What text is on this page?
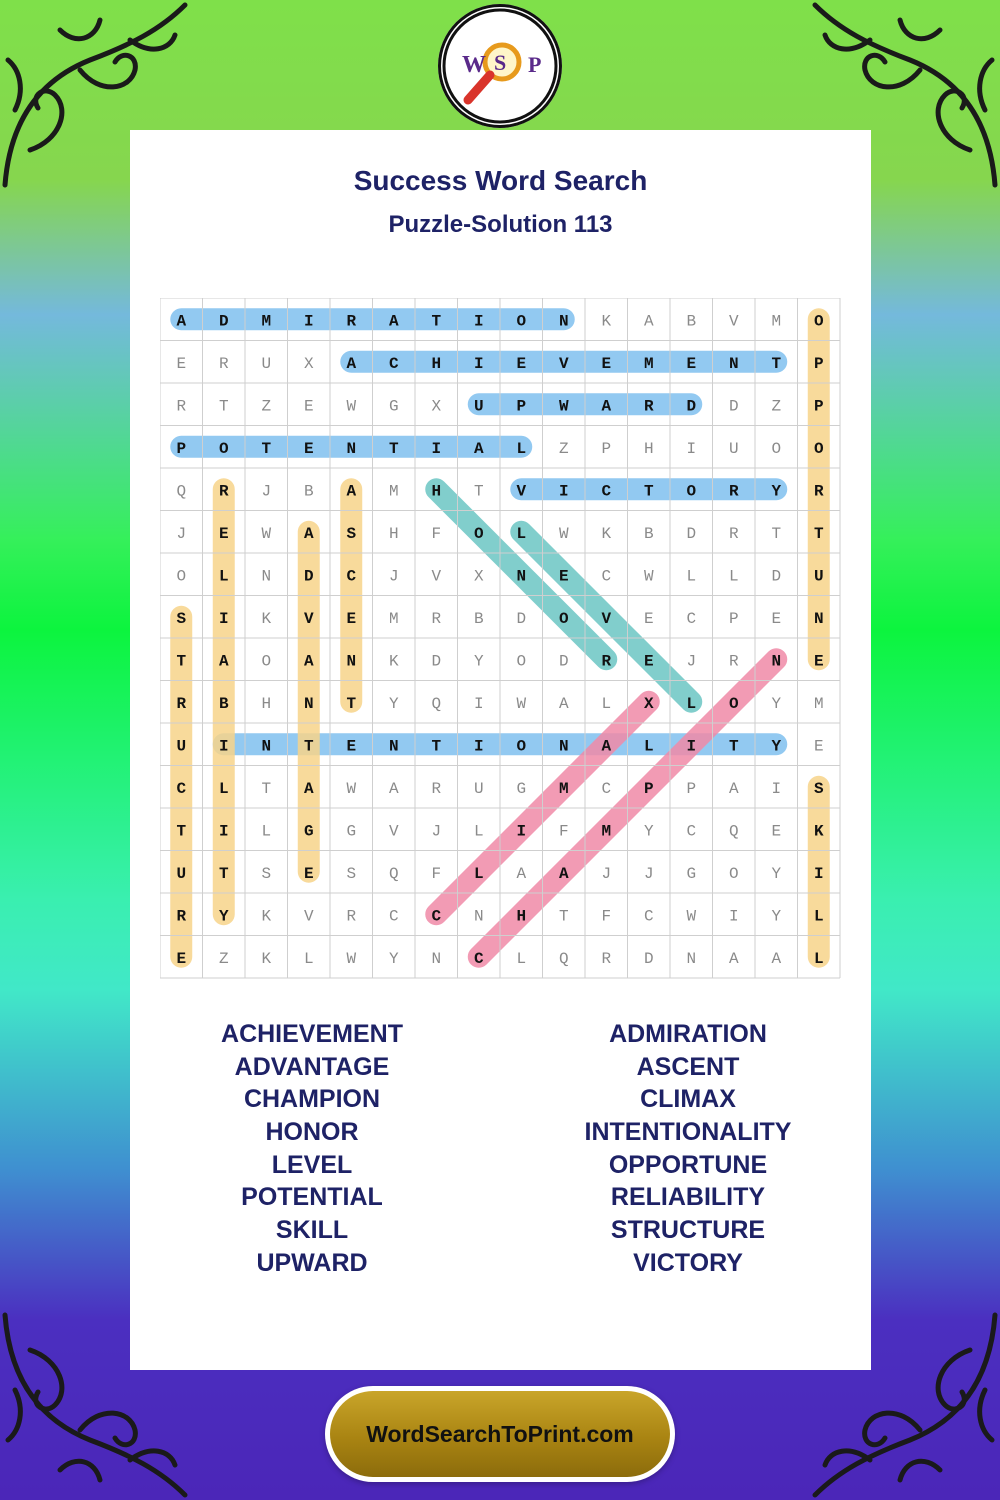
Success Word Search
Puzzle-Solution 113
A D M I R A T I O N K A B V M O
E R U X A C H I E V E M E N T P
R T Z E W G X U P W A R D D Z P
P O T E N T I A L Z P H I U O O
Q R J B A M H T V I C T O R Y R
J E W A S H F O L W K B D R T T
O L N D C J V X N E C W L L D U
S I K V E M R B D O V E C P E N
T A O A N K D Y O D R E J R N E
R B H N T Y Q I W A L X L O Y M
U I N T E N T I O N A L I T Y E
C L T A W A R U G M C P P A I S
T I L G G V J L I F M Y C Q E K
U T S E S Q F L A A J J G O Y I
R Y K V R C C N H T F C W I Y L
E Z K L W Y N C L Q R D N A A L
ACHIEVEMENT
ADVANTAGE
CHAMPION
HONOR
LEVEL
POTENTIAL
SKILL
UPWARD
ADMIRATION
ASCENT
CLIMAX
INTENTIONALITY
OPPORTUNE
RELIABILITY
STRUCTURE
VICTORY
W S P
WordSearchToPrint.com
